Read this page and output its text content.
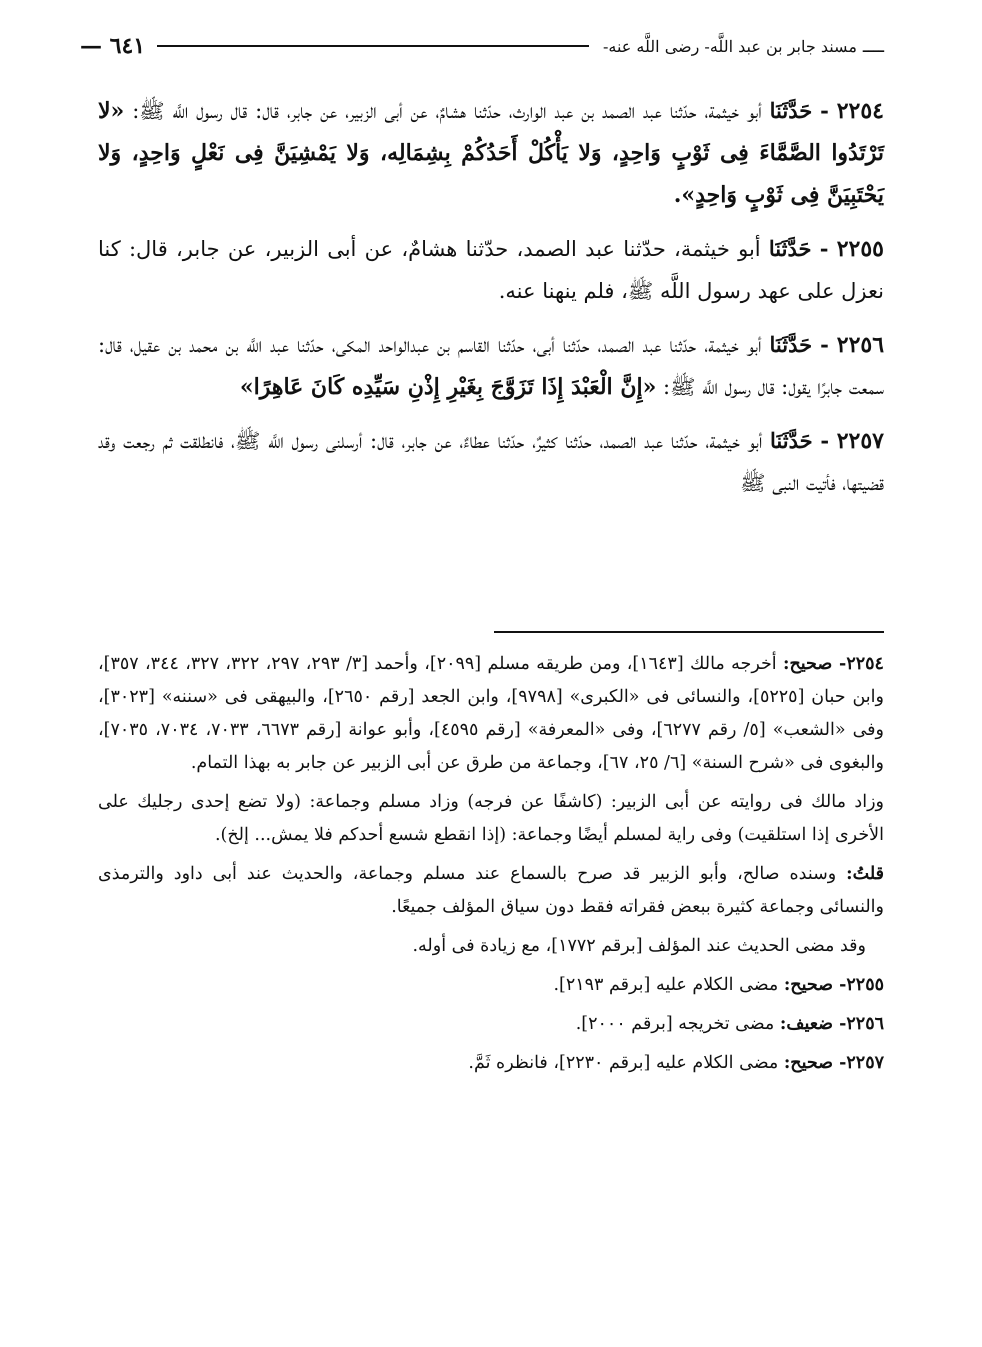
ــــ
مسند جابر بن عبد اللَّه- رضى اللَّه عنه-
٦٤١ —

٢٢٥٤ - حَدَّثَنَا أبو خيثمة، حدّثنا عبد الصمد بن عبد الوارث، حدّثنا هشامٌ، عن أبى الزبير، عن جابر، قال: قال رسول اللَّه ﷺ: «لا تَرْتَدُوا الصَّمَّاءَ فِى ثَوْبٍ وَاحِدٍ، وَلا يَأْكُلْ أَحَدُكُمْ بِشِمَالِه، وَلا يَمْشِيَنَّ فِى نَعْلٍ وَاحِدٍ، وَلا يَحْتَبِيَنَّ فِى ثَوْبٍ وَاحِدٍ».

٢٢٥٥ - حَدَّثَنَا أبو خيثمة، حدّثنا عبد الصمد، حدّثنا هشامٌ، عن أبى الزبير، عن جابر، قال: كنا نعزل على عهد رسول اللَّه ﷺ، فلم ينهنا عنه.

٢٢٥٦ - حَدَّثَنَا أبو خيثمة، حدّثنا عبد الصمد، حدّثنا أبى، حدّثنا القاسم بن عبدالواحد المكى، حدّثنا عبد اللَّه بن محمد بن عقيل، قال: سمعت جابرًا يقول: قال رسول اللَّه ﷺ: «إِنَّ الْعَبْدَ إِذَا تَزَوَّجَ بِغَيْرِ إِذْنِ سَيِّدِه كَانَ عَاهِرًا»

٢٢٥٧ - حَدَّثَنَا أبو خيثمة، حدّثنا عبد الصمد، حدّثنا كثيرٌ، حدّثنا عطاءٌ، عن جابر، قال: أرسلنى رسول اللَّه ﷺ، فانطلقت ثم رجعت وقد قضيتها، فأتيت النبى ﷺ

٢٢٥٤- صحيح: أخرجه مالك [١٦٤٣]، ومن طريقه مسلم [٢٠٩٩]، وأحمد [٣/ ٢٩٣، ٢٩٧، ٣٢٢، ٣٢٧، ٣٤٤، ٣٥٧]، وابن حبان [٥٢٢٥]، والنسائى فى «الكبرى» [٩٧٩٨]، وابن الجعد [رقم ٢٦٥٠]، والبيهقى فى «سننه» [٣٠٢٣]، وفى «الشعب» [٥/ رقم ٦٢٧٧]، وفى «المعرفة» [رقم ٤٥٩٥]، وأبو عوانة [رقم ٦٦٧٣، ٧٠٣٣، ٧٠٣٤، ٧٠٣٥]، والبغوى فى «شرح السنة» [٦/ ٢٥، ٦٧]، وجماعة من طرق عن أبى الزبير عن جابر به بهذا التمام.

وزاد مالك فى روايته عن أبى الزبير: (كاشفًا عن فرجه) وزاد مسلم وجماعة: (ولا تضع إحدى رجليك على الأخرى إذا استلقيت) وفى راية لمسلم أيضًا وجماعة: (إذا انقطع شسع أحدكم فلا يمش... إلخ).

قلتُ: وسنده صالح، وأبو الزبير قد صرح بالسماع عند مسلم وجماعة، والحديث عند أبى داود والترمذى والنسائى وجماعة كثيرة ببعض فقراته فقط دون سياق المؤلف جميعًا.

وقد مضى الحديث عند المؤلف [برقم ١٧٧٢]، مع زيادة فى أوله.

٢٢٥٥- صحيح: مضى الكلام عليه [برقم ٢١٩٣].

٢٢٥٦- ضعيف: مضى تخريجه [برقم ٢٠٠٠].

٢٢٥٧- صحيح: مضى الكلام عليه [برقم ٢٢٣٠]، فانظره ثَمَّ.
